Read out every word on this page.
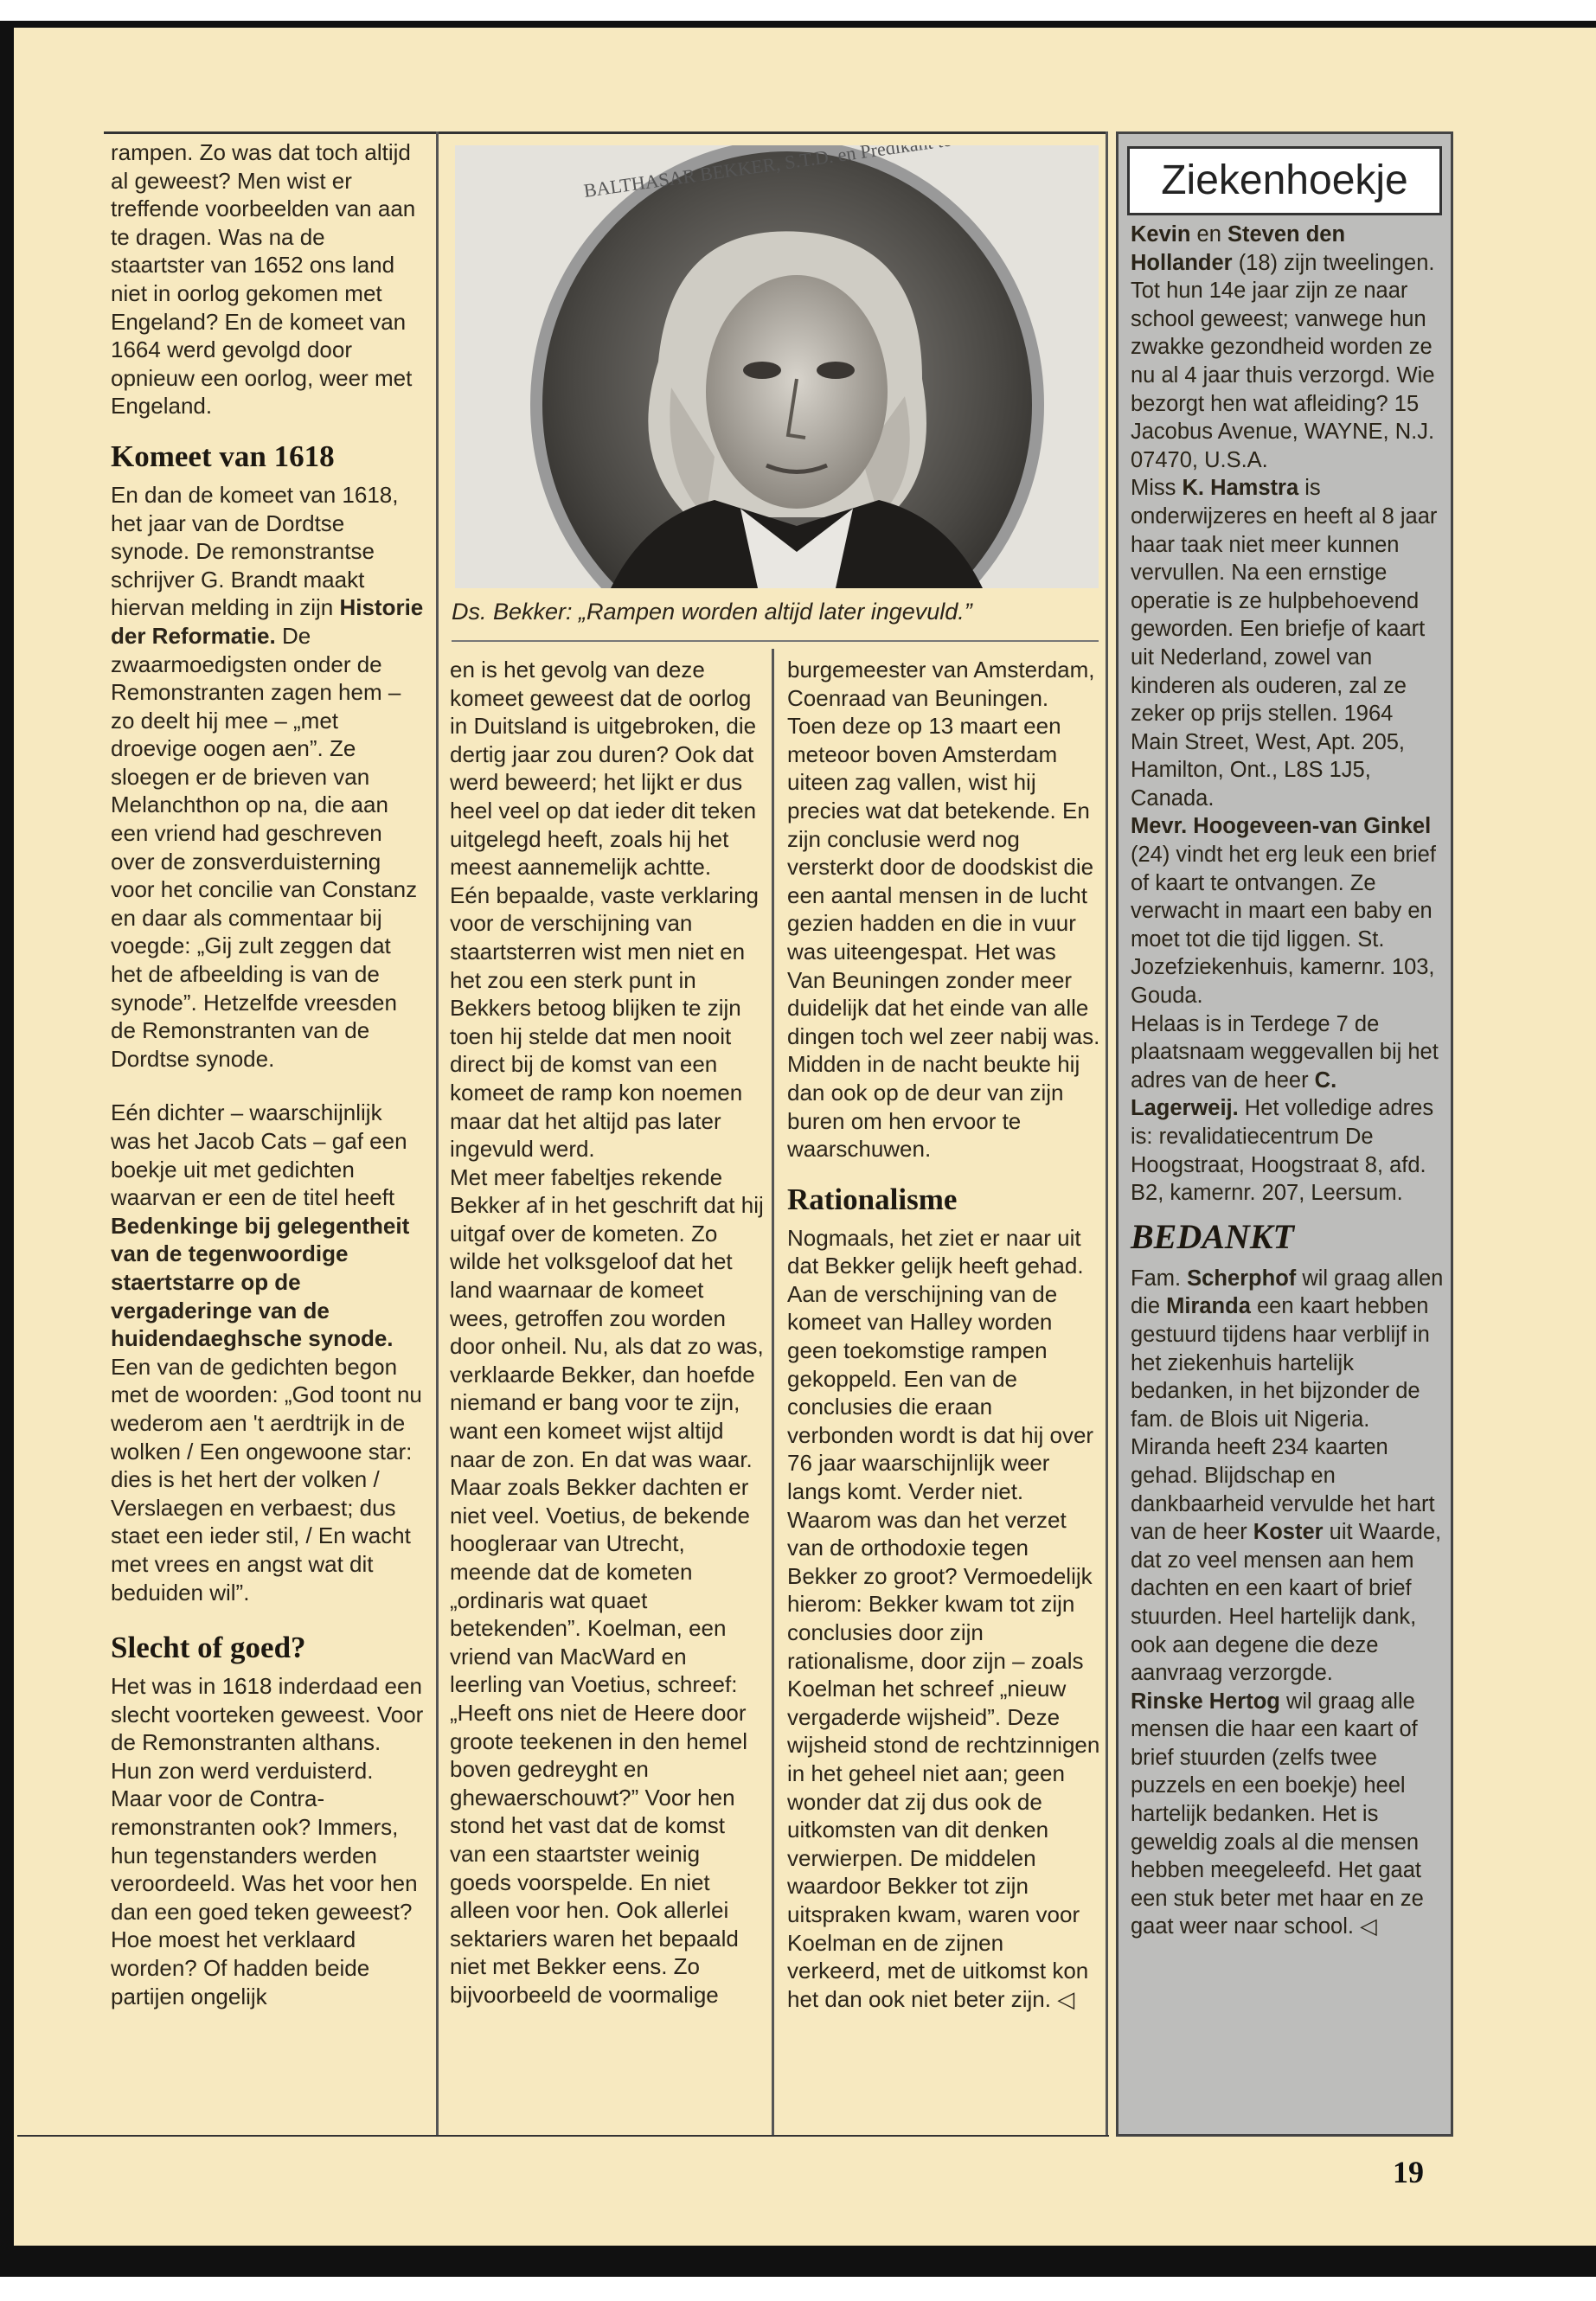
rampen. Zo was dat toch altijd al geweest? Men wist er treffende voorbeelden van aan te dragen. Was na de staartster van 1652 ons land niet in oorlog gekomen met Engeland? En de komeet van 1664 werd gevolgd door opnieuw een oorlog, weer met Engeland.

Komeet van 1618

En dan de komeet van 1618, het jaar van de Dordtse synode. De remonstrantse schrijver G. Brandt maakt hiervan melding in zijn Historie der Reformatie. De zwaarmoedigsten onder de Remonstranten zagen hem – zo deelt hij mee – „met droevige oogen aen”. Ze sloegen er de brieven van Melanchthon op na, die aan een vriend had geschreven over de zonsverduisterning voor het concilie van Constanz en daar als commentaar bij voegde: „Gij zult zeggen dat het de afbeelding is van de synode”. Hetzelfde vreesden de Remonstranten van de Dordtse synode.

Eén dichter – waarschijnlijk was het Jacob Cats – gaf een boekje uit met gedichten waarvan er een de titel heeft Bedenkinge bij gelegentheit van de tegenwoordige staertstarre op de vergaderinge van de huidendaeghsche synode. Een van de gedichten begon met de woorden: „God toont nu wederom aen 't aerdtrijk in de wolken / Een ongewoone star: dies is het hert der volken / Verslaegen en verbaest; dus staet een ieder stil, / En wacht met vrees en angst wat dit beduiden wil”.

Slecht of goed?

Het was in 1618 inderdaad een slecht voorteken geweest. Voor de Remonstranten althans. Hun zon werd verduisterd. Maar voor de Contra-remonstranten ook? Immers, hun tegenstanders werden veroordeeld. Was het voor hen dan een goed teken geweest? Hoe moest het verklaard worden? Of hadden beide partijen ongelijk

BALTHASAR BEKKER, S.T.D. en Predikant
Ds. Bekker: „Rampen worden altijd later ingevuld.”

en is het gevolg van deze komeet geweest dat de oorlog in Duitsland is uitgebroken, die dertig jaar zou duren? Ook dat werd beweerd; het lijkt er dus heel veel op dat ieder dit teken uitgelegd heeft, zoals hij het meest aannemelijk achtte.

Eén bepaalde, vaste verklaring voor de verschijning van staartsterren wist men niet en het zou een sterk punt in Bekkers betoog blijken te zijn toen hij stelde dat men nooit direct bij de komst van een komeet de ramp kon noemen maar dat het altijd pas later ingevuld werd.

Met meer fabeltjes rekende Bekker af in het geschrift dat hij uitgaf over de kometen. Zo wilde het volksgeloof dat het land waarnaar de komeet wees, getroffen zou worden door onheil. Nu, als dat zo was, verklaarde Bekker, dan hoefde niemand er bang voor te zijn, want een komeet wijst altijd naar de zon. En dat was waar.

Maar zoals Bekker dachten er niet veel. Voetius, de bekende hoogleraar van Utrecht, meende dat de kometen „ordinaris wat quaet betekenden”. Koelman, een vriend van MacWard en leerling van Voetius, schreef: „Heeft ons niet de Heere door groote teekenen in den hemel boven gedreyght en ghewaerschouwt?” Voor hen stond het vast dat de komst van een staartster weinig goeds voorspelde. En niet alleen voor hen. Ook allerlei sektariers waren het bepaald niet met Bekker eens. Zo bijvoorbeeld de voormalige

burgemeester van Amsterdam, Coenraad van Beuningen. Toen deze op 13 maart een meteoor boven Amsterdam uiteen zag vallen, wist hij precies wat dat betekende. En zijn conclusie werd nog versterkt door de doodskist die een aantal mensen in de lucht gezien hadden en die in vuur was uiteengespat. Het was Van Beuningen zonder meer duidelijk dat het einde van alle dingen toch wel zeer nabij was. Midden in de nacht beukte hij dan ook op de deur van zijn buren om hen ervoor te waarschuwen.

Rationalisme

Nogmaals, het ziet er naar uit dat Bekker gelijk heeft gehad. Aan de verschijning van de komeet van Halley worden geen toekomstige rampen gekoppeld. Een van de conclusies die eraan verbonden wordt is dat hij over 76 jaar waarschijnlijk weer langs komt. Verder niet. Waarom was dan het verzet van de orthodoxie tegen Bekker zo groot? Vermoedelijk hierom: Bekker kwam tot zijn conclusies door zijn rationalisme, door zijn – zoals Koelman het schreef „nieuw vergaderde wijsheid”. Deze wijsheid stond de rechtzinnigen in het geheel niet aan; geen wonder dat zij dus ook de uitkomsten van dit denken verwierpen. De middelen waardoor Bekker tot zijn uitspraken kwam, waren voor Koelman en de zijnen verkeerd, met de uitkomst kon het dan ook niet beter zijn. ◁

Ziekenhoekje

Kevin en Steven den Hollander (18) zijn tweelingen. Tot hun 14e jaar zijn ze naar school geweest; vanwege hun zwakke gezondheid worden ze nu al 4 jaar thuis verzorgd. Wie bezorgt hen wat afleiding? 15 Jacobus Avenue, WAYNE, N.J. 07470, U.S.A.

Miss K. Hamstra is onderwijzeres en heeft al 8 jaar haar taak niet meer kunnen vervullen. Na een ernstige operatie is ze hulpbehoevend geworden. Een briefje of kaart uit Nederland, zowel van kinderen als ouderen, zal ze zeker op prijs stellen. 1964 Main Street, West, Apt. 205, Hamilton, Ont., L8S 1J5, Canada.

Mevr. Hoogeveen-van Ginkel (24) vindt het erg leuk een brief of kaart te ontvangen. Ze verwacht in maart een baby en moet tot die tijd liggen. St. Jozefziekenhuis, kamernr. 103, Gouda.

Helaas is in Terdege 7 de plaatsnaam weggevallen bij het adres van de heer C. Lagerweij. Het volledige adres is: revalidatiecentrum De Hoogstraat, Hoogstraat 8, afd. B2, kamernr. 207, Leersum.

BEDANKT

Fam. Scherphof wil graag allen die Miranda een kaart hebben gestuurd tijdens haar verblijf in het ziekenhuis hartelijk bedanken, in het bijzonder de fam. de Blois uit Nigeria. Miranda heeft 234 kaarten gehad. Blijdschap en dankbaarheid vervulde het hart van de heer Koster uit Waarde, dat zo veel mensen aan hem dachten en een kaart of brief stuurden. Heel hartelijk dank, ook aan degene die deze aanvraag verzorgde.

Rinske Hertog wil graag alle mensen die haar een kaart of brief stuurden (zelfs twee puzzels en een boekje) heel hartelijk bedanken. Het is geweldig zoals al die mensen hebben meegeleefd. Het gaat een stuk beter met haar en ze gaat weer naar school. ◁

19
